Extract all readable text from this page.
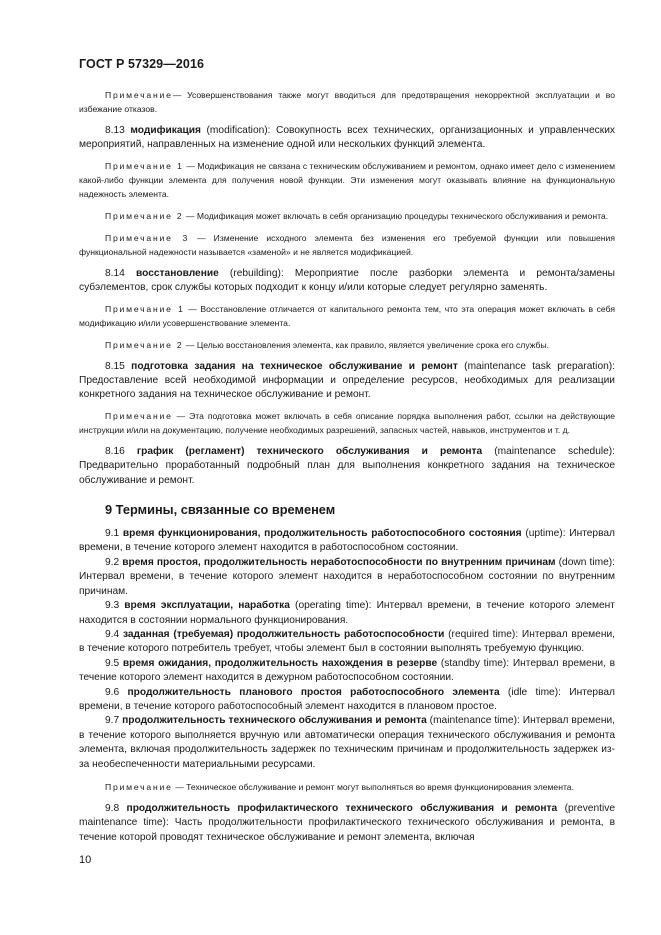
ГОСТ Р 57329—2016

Примечание— Усовершенствования также могут вводиться для предотвращения некорректной эксплуатации и во избежание отказов.

8.13 модификация (modification): Совокупность всех технических, организационных и управленческих мероприятий, направленных на изменение одной или нескольких функций элемента.

Примечание 1 — Модификация не связана с техническим обслуживанием и ремонтом, однако имеет дело с изменением какой-либо функции элемента для получения новой функции. Эти изменения могут оказывать влияние на функциональную надежность элемента.

Примечание 2 — Модификация может включать в себя организацию процедуры технического обслуживания и ремонта.

Примечание 3 — Изменение исходного элемента без изменения его требуемой функции или повышения функциональной надежности называется «заменой» и не является модификацией.

8.14 восстановление (rebuilding): Мероприятие после разборки элемента и ремонта/замены субэлементов, срок службы которых подходит к концу и/или которые следует регулярно заменять.

Примечание 1 — Восстановление отличается от капитального ремонта тем, что эта операция может включать в себя модификацию и/или усовершенствование элемента.

Примечание 2 — Целью восстановления элемента, как правило, является увеличение срока его службы.

8.15 подготовка задания на техническое обслуживание и ремонт (maintenance task preparation): Предоставление всей необходимой информации и определение ресурсов, необходимых для реализации конкретного задания на техническое обслуживание и ремонт.

Примечание — Эта подготовка может включать в себя описание порядка выполнения работ, ссылки на действующие инструкции и/или на документацию, получение необходимых разрешений, запасных частей, навыков, инструментов и т. д.

8.16 график (регламент) технического обслуживания и ремонта (maintenance schedule): Предварительно проработанный подробный план для выполнения конкретного задания на техническое обслуживание и ремонт.

9 Термины, связанные со временем

9.1 время функционирования, продолжительность работоспособного состояния (uptime): Интервал времени, в течение которого элемент находится в работоспособном состоянии.

9.2 время простоя, продолжительность неработоспособности по внутренним причинам (down time): Интервал времени, в течение которого элемент находится в неработоспособном состоянии по внутренним причинам.

9.3 время эксплуатации, наработка (operating time): Интервал времени, в течение которого элемент находится в состоянии нормального функционирования.

9.4 заданная (требуемая) продолжительность работоспособности (required time): Интервал времени, в течение которого потребитель требует, чтобы элемент был в состоянии выполнять требуемую функцию.

9.5 время ожидания, продолжительность нахождения в резерве (standby time): Интервал времени, в течение которого элемент находится в дежурном работоспособном состоянии.

9.6 продолжительность планового простоя работоспособного элемента (idle time): Интервал времени, в течение которого работоспособный элемент находится в плановом простое.

9.7 продолжительность технического обслуживания и ремонта (maintenance time): Интервал времени, в течение которого выполняется вручную или автоматически операция технического обслуживания и ремонта элемента, включая продолжительность задержек по техническим причинам и продолжительность задержек из-за необеспеченности материальными ресурсами.

Примечание — Техническое обслуживание и ремонт могут выполняться во время функционирования элемента.

9.8 продолжительность профилактического технического обслуживания и ремонта (preventive maintenance time): Часть продолжительности профилактического технического обслуживания и ремонта, в течение которой проводят техническое обслуживание и ремонт элемента, включая

10
